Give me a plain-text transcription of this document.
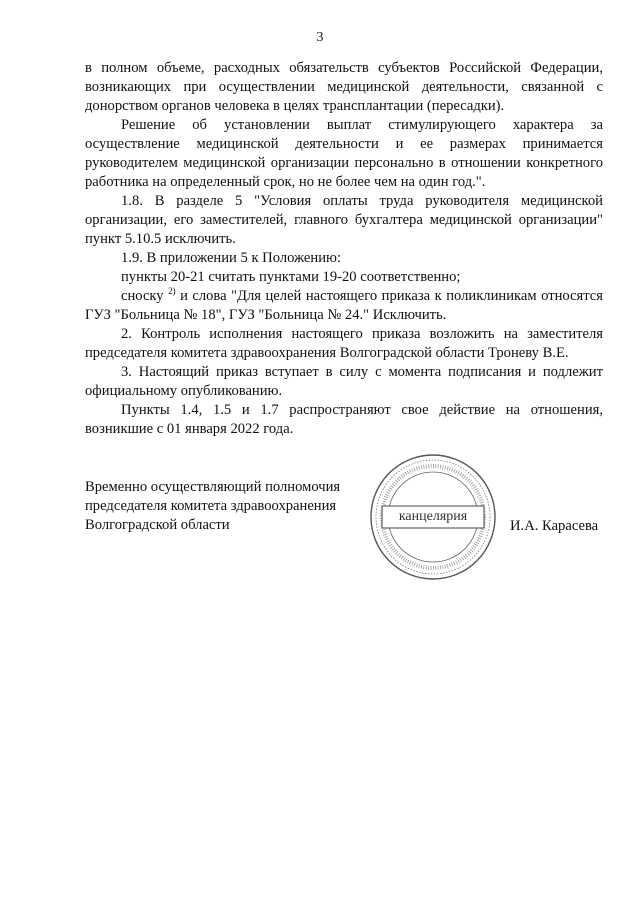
3

в полном объеме, расходных обязательств субъектов Российской Федерации, возникающих при осуществлении медицинской деятельности, связанной с донорством органов человека в целях трансплантации (пересадки).

Решение об установлении выплат стимулирующего характера за осуществление медицинской деятельности и ее размерах принимается руководителем медицинской организации персонально в отношении конкретного работника на определенный срок, но не более чем на один год.".

1.8. В разделе 5 "Условия оплаты труда руководителя медицинской организации, его заместителей, главного бухгалтера медицинской организации" пункт 5.10.5 исключить.

1.9. В приложении 5 к Положению:

пункты 20-21 считать пунктами 19-20 соответственно;

сноску $^{2)}$ и слова "Для целей настоящего приказа к поликлиникам относятся ГУЗ "Больница № 18", ГУЗ "Больница № 24." Исключить.

2. Контроль исполнения настоящего приказа возложить на заместителя председателя комитета здравоохранения Волгоградской области Троневу В.Е.

3. Настоящий приказ вступает в силу с момента подписания и подлежит официальному опубликованию.

Пункты 1.4, 1.5 и 1.7 распространяют свое действие на отношения, возникшие с 01 января 2022 года.

Временно осуществляющий полномочия
председателя комитета здравоохранения
Волгоградской области
канцелярия
И.А. Карасева
